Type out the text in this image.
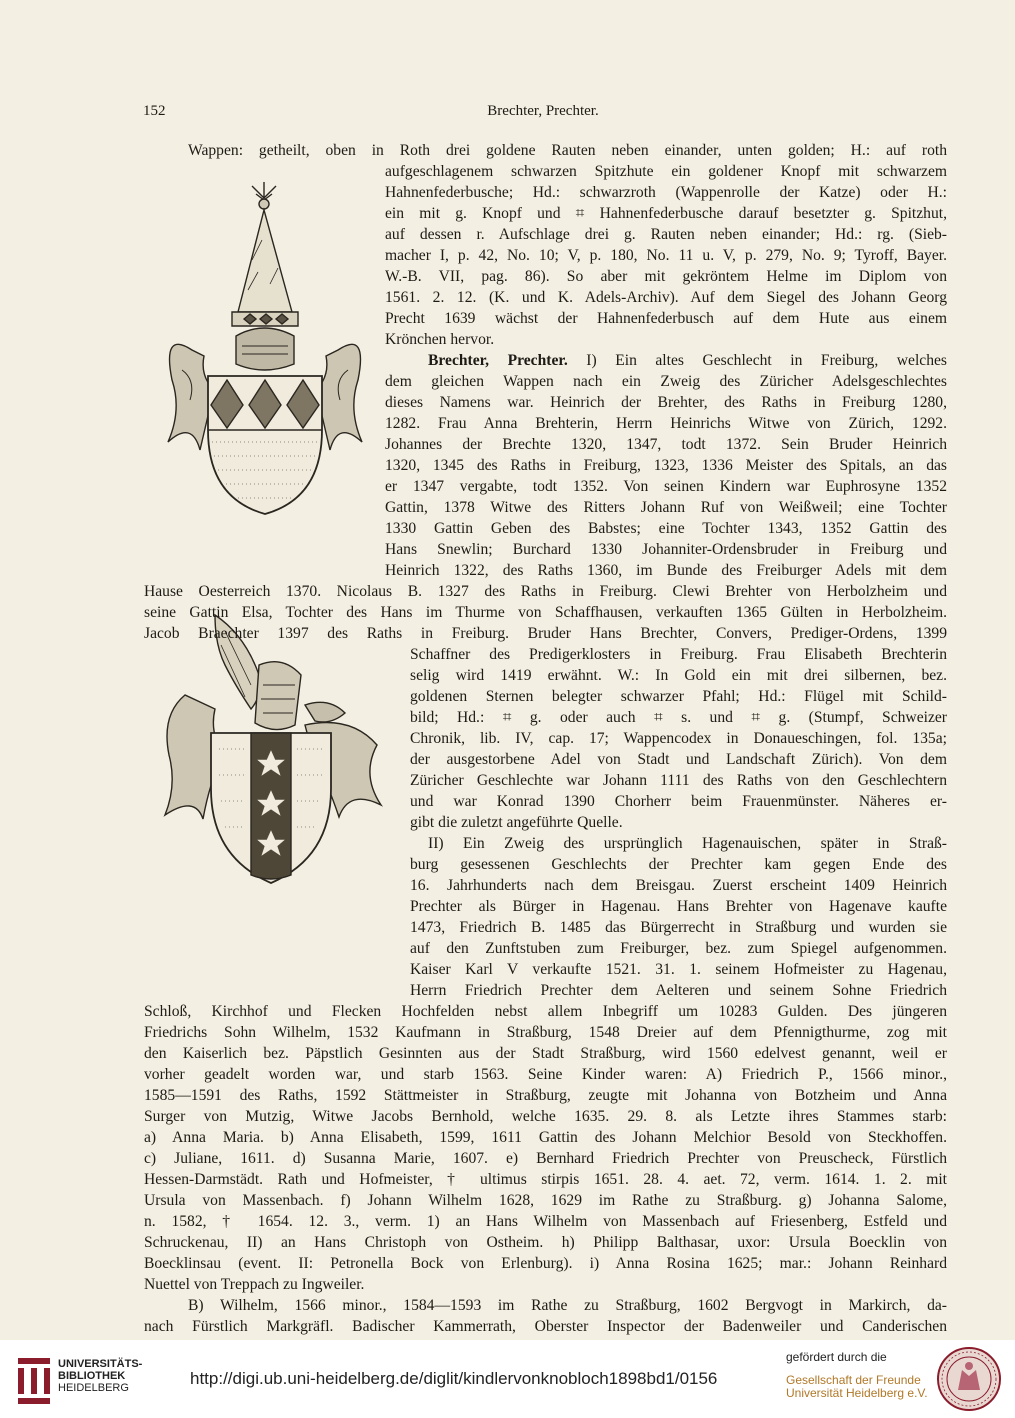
152	Brechter, Prechter.

Wappen: getheilt, oben in Roth drei goldene Rauten neben einander, unten golden; H.: auf roth

aufgeschlagenem schwarzen Spitzhute ein goldener Knopf mit schwarzem

Hahnenfederbusche; Hd.: schwarzroth (Wappenrolle der Katze) oder H.:

ein mit g. Knopf und ⌗ Hahnenfederbusche darauf besetzter g. Spitzhut,

auf dessen r. Aufschlage drei g. Rauten neben einander; Hd.: rg. (Sieb-

macher I, p. 42, No. 10; V, p. 180, No. 11 u. V, p. 279, No. 9; Tyroff, Bayer.

W.-B. VII, pag. 86). So aber mit gekröntem Helme im Diplom von

1561. 2. 12. (K. und K. Adels-Archiv). Auf dem Siegel des Johann Georg

Precht 1639 wächst der Hahnenfederbusch auf dem Hute aus einem

Krönchen hervor.

Brechter, Prechter. I) Ein altes Geschlecht in Freiburg, welches

dem gleichen Wappen nach ein Zweig des Züricher Adelsgeschlechtes

dieses Namens war. Heinrich der Brehter, des Raths in Freiburg 1280,

1282. Frau Anna Brehterin, Herrn Heinrichs Witwe von Zürich, 1292.

Johannes der Brechte 1320, 1347, todt 1372. Sein Bruder Heinrich

1320, 1345 des Raths in Freiburg, 1323, 1336 Meister des Spitals, an das

er 1347 vergabte, todt 1352. Von seinen Kindern war Euphrosyne 1352

Gattin, 1378 Witwe des Ritters Johann Ruf von Weißweil; eine Tochter

1330 Gattin Geben des Babstes; eine Tochter 1343, 1352 Gattin des

Hans Snewlin; Burchard 1330 Johanniter-Ordensbruder in Freiburg und

Heinrich 1322, des Raths 1360, im Bunde des Freiburger Adels mit dem

Hause Oesterreich 1370. Nicolaus B. 1327 des Raths in Freiburg. Clewi Brehter von Herbolzheim und

seine Gattin Elsa, Tochter des Hans im Thurme von Schaffhausen, verkauften 1365 Gülten in Herbolzheim.

Jacob Braechter 1397 des Raths in Freiburg. Bruder Hans Brechter, Convers, Prediger-Ordens, 1399

Schaffner des Predigerklosters in Freiburg. Frau Elisabeth Brechterin

selig wird 1419 erwähnt. W.: In Gold ein mit drei silbernen, bez.

goldenen Sternen belegter schwarzer Pfahl; Hd.: Flügel mit Schild-

bild; Hd.: ⌗ g. oder auch ⌗ s. und ⌗ g. (Stumpf, Schweizer

Chronik, lib. IV, cap. 17; Wappencodex in Donaueschingen, fol. 135a;

der ausgestorbene Adel von Stadt und Landschaft Zürich). Von dem

Züricher Geschlechte war Johann 1111 des Raths von den Geschlechtern

und war Konrad 1390 Chorherr beim Frauenmünster. Näheres er-

gibt die zuletzt angeführte Quelle.

II) Ein Zweig des ursprünglich Hagenauischen, später in Straß-

burg gesessenen Geschlechts der Prechter kam gegen Ende des

16. Jahrhunderts nach dem Breisgau. Zuerst erscheint 1409 Heinrich

Prechter als Bürger in Hagenau. Hans Brehter von Hagenave kaufte

1473, Friedrich B. 1485 das Bürgerrecht in Straßburg und wurden sie

auf den Zunftstuben zum Freiburger, bez. zum Spiegel aufgenommen.

Kaiser Karl V verkaufte 1521. 31. 1. seinem Hofmeister zu Hagenau,

Herrn Friedrich Prechter dem Aelteren und seinem Sohne Friedrich

Schloß, Kirchhof und Flecken Hochfelden nebst allem Inbegriff um 10283 Gulden. Des jüngeren

Friedrichs Sohn Wilhelm, 1532 Kaufmann in Straßburg, 1548 Dreier auf dem Pfennigthurme, zog mit

den Kaiserlich bez. Päpstlich Gesinnten aus der Stadt Straßburg, wird 1560 edelvest genannt, weil er

vorher geadelt worden war, und starb 1563. Seine Kinder waren: A) Friedrich P., 1566 minor.,

1585—1591 des Raths, 1592 Stättmeister in Straßburg, zeugte mit Johanna von Botzheim und Anna

Surger von Mutzig, Witwe Jacobs Bernhold, welche 1635. 29. 8. als Letzte ihres Stammes starb:

a) Anna Maria. b) Anna Elisabeth, 1599, 1611 Gattin des Johann Melchior Besold von Steckhoffen.

c) Juliane, 1611. d) Susanna Marie, 1607. e) Bernhard Friedrich Prechter von Preuscheck, Fürstlich

Hessen-Darmstädt. Rath und Hofmeister, † ultimus stirpis 1651. 28. 4. aet. 72, verm. 1614. 1. 2. mit

Ursula von Massenbach. f) Johann Wilhelm 1628, 1629 im Rathe zu Straßburg. g) Johanna Salome,

n. 1582, † 1654. 12. 3., verm. 1) an Hans Wilhelm von Massenbach auf Friesenberg, Estfeld und

Schruckenau, II) an Hans Christoph von Ostheim. h) Philipp Balthasar, uxor: Ursula Boecklin von

Boecklinsau (event. II: Petronella Bock von Erlenburg). i) Anna Rosina 1625; mar.: Johann Reinhard

Nuettel von Treppach zu Ingweiler.

B) Wilhelm, 1566 minor., 1584—1593 im Rathe zu Straßburg, 1602 Bergvogt in Markirch, da-

nach Fürstlich Markgräfl. Badischer Kammerrath, Oberster Inspector der Badenweiler und Canderischen

UNIVERSITÄTS-
BIBLIOTHEK
HEIDELBERG	http://digi.ub.uni-heidelberg.de/diglit/kindlervonknobloch1898bd1/0156
gefördert durch die
Gesellschaft der Freunde
Universität Heidelberg e.V.
